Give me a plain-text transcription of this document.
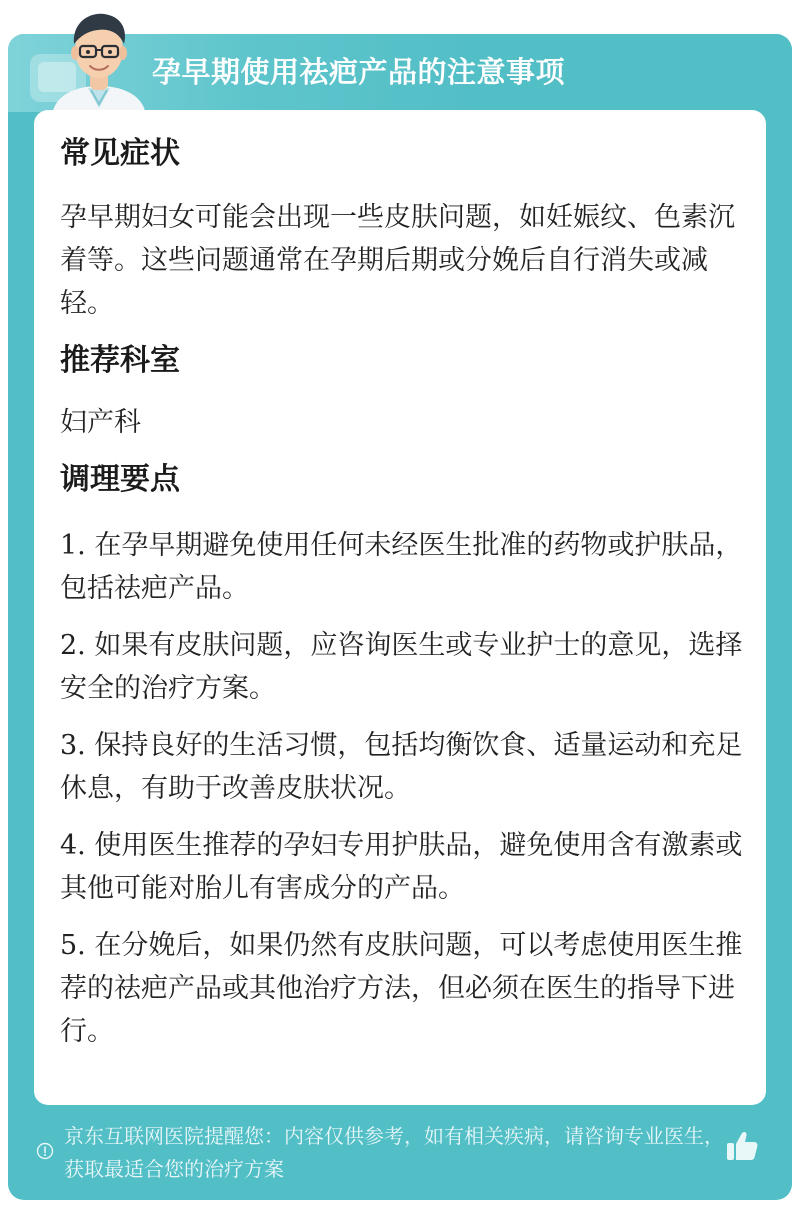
孕早期使用祛疤产品的注意事项
常见症状

孕早期妇女可能会出现一些皮肤问题，如妊娠纹、色素沉着等。这些问题通常在孕期后期或分娩后自行消失或减轻。

推荐科室

妇产科

调理要点

1. 在孕早期避免使用任何未经医生批准的药物或护肤品，包括祛疤产品。

2. 如果有皮肤问题，应咨询医生或专业护士的意见，选择安全的治疗方案。

3. 保持良好的生活习惯，包括均衡饮食、适量运动和充足休息，有助于改善皮肤状况。

4. 使用医生推荐的孕妇专用护肤品，避免使用含有激素或其他可能对胎儿有害成分的产品。

5. 在分娩后，如果仍然有皮肤问题，可以考虑使用医生推荐的祛疤产品或其他治疗方法，但必须在医生的指导下进行。

京东互联网医院提醒您：内容仅供参考，如有相关疾病，请咨询专业医生，获取最适合您的治疗方案
